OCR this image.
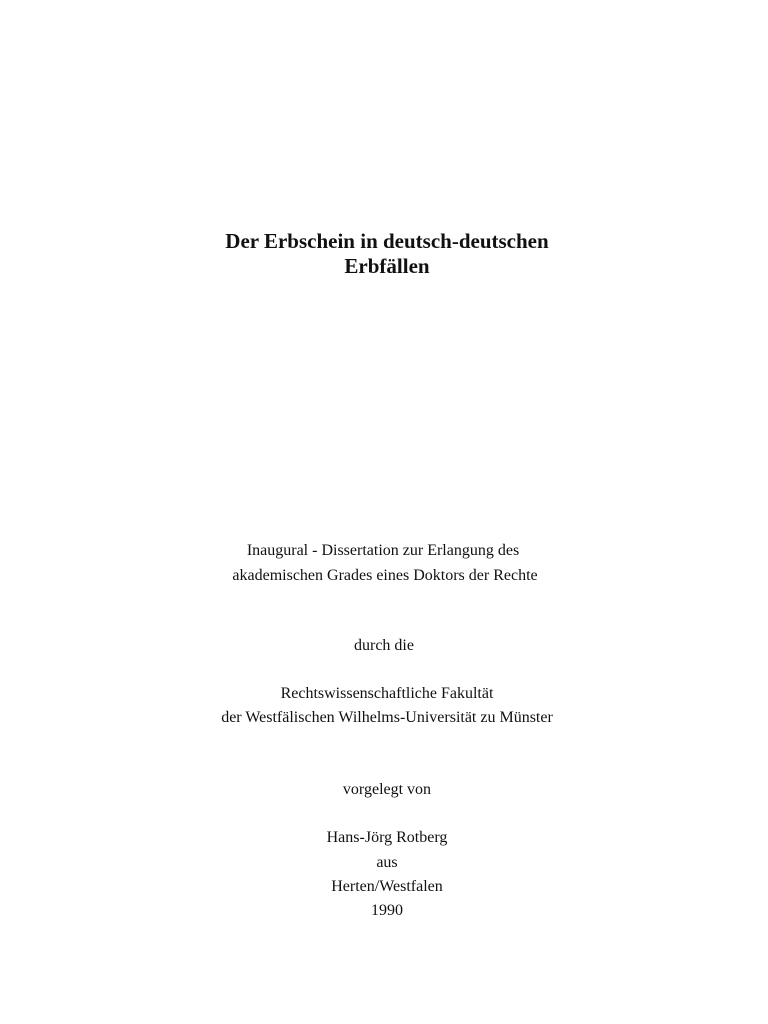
Der Erbschein in deutsch-deutschen
Erbfällen
Inaugural - Dissertation zur Erlangung des
akademischen Grades eines Doktors der Rechte
durch die
Rechtswissenschaftliche Fakultät
der Westfälischen Wilhelms-Universität zu Münster
vorgelegt von
Hans-Jörg Rotberg
aus
Herten/Westfalen
1990
